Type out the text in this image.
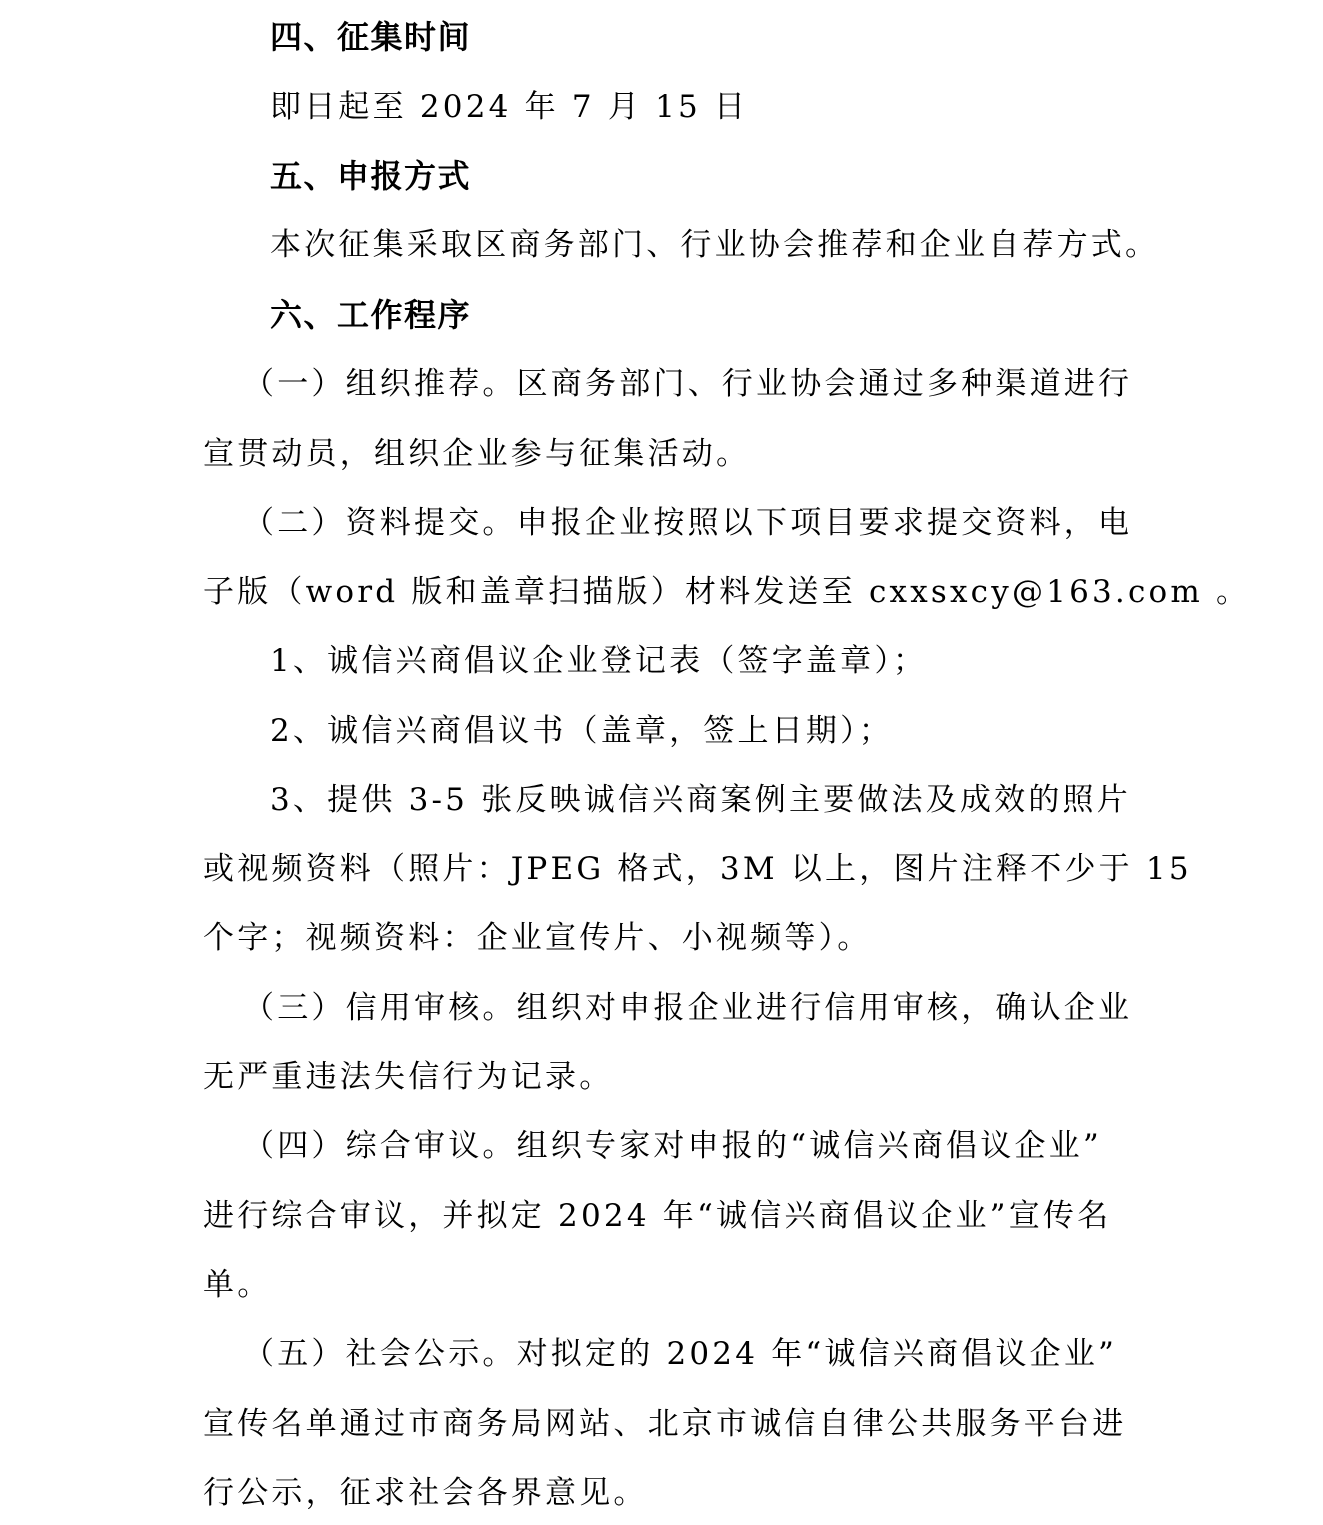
四、征集时间
即日起至 2024 年 7 月 15 日
五、申报方式
本次征集采取区商务部门、行业协会推荐和企业自荐方式。
六、工作程序
（一）组织推荐。区商务部门、行业协会通过多种渠道进行
宣贯动员，组织企业参与征集活动。
（二）资料提交。申报企业按照以下项目要求提交资料，电
子版（word 版和盖章扫描版）材料发送至 cxxsxcy@163.com 。
1、诚信兴商倡议企业登记表（签字盖章）；
2、诚信兴商倡议书（盖章，签上日期）；
3、提供 3-5 张反映诚信兴商案例主要做法及成效的照片
或视频资料（照片：JPEG 格式，3M 以上，图片注释不少于 15
个字；视频资料：企业宣传片、小视频等）。
（三）信用审核。组织对申报企业进行信用审核，确认企业
无严重违法失信行为记录。
（四）综合审议。组织专家对申报的“诚信兴商倡议企业”
进行综合审议，并拟定 2024 年“诚信兴商倡议企业”宣传名
单。
（五）社会公示。对拟定的 2024 年“诚信兴商倡议企业”
宣传名单通过市商务局网站、北京市诚信自律公共服务平台进
行公示，征求社会各界意见。
